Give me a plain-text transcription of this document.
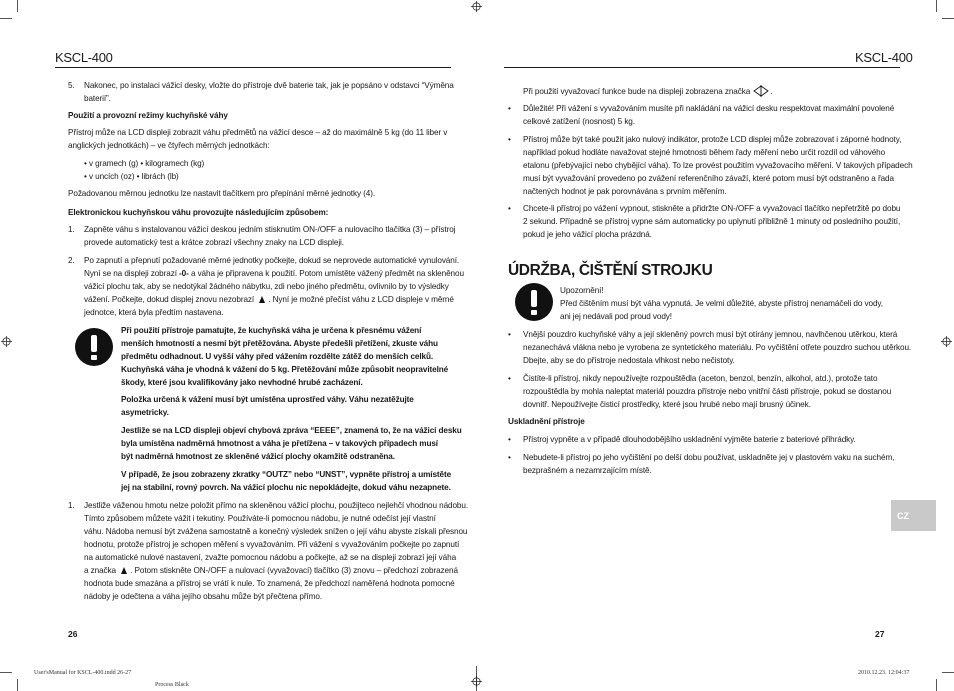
KSCL-400	KSCL-400
5. Nakonec, po instalaci vážicí desky, vložte do přístroje dvě baterie tak, jak je popsáno v odstavci “Výměna
baterií”.
Použití a provozní režimy kuchyňské váhy
Přístroj může na LCD displeji zobrazit váhu předmětů na vážicí desce – až do maximálně 5 kg (do 11 liber v
anglických jednotkách) – ve čtyřech měrných jednotkách:
• v gramech (g) • kilogramech (kg)
• v uncích (oz) • librách (lb)
Požadovanou měrnou jednotku lze nastavit tlačítkem pro přepínání měrné jednotky (4).
Elektronickou kuchyňskou váhu provozujte následujícím způsobem:
1. Zapněte váhu s instalovanou vážicí deskou jedním stisknutím ON-/OFF a nulovacího tlačítka (3) – přístroj
provede automatický test a krátce zobrazí všechny znaky na LCD displeji.
2. Po zapnutí a přepnutí požadované měrné jednotky počkejte, dokud se neprovede automatické vynulování.
Nyní se na displeji zobrazí -0- a váha je připravena k použití. Potom umístěte vážený předmět na skleněnou
vážicí plochu tak, aby se nedotýkal žádného nábytku, zdi nebo jiného předmětu, ovlivnilo by to výsledky
vážení. Počkejte, dokud displej znovu nezobrazí . Nyní je možné přečíst váhu z LCD displeje v měrné
jednotce, která byla předtím nastavena.
Při použití přístroje pamatujte, že kuchyňská váha je určena k přesnému vážení
menších hmotností a nesmí být přetěžována. Abyste předešli přetížení, zkuste váhu
předmětu odhadnout. U vyšší váhy před vážením rozdělte zátěž do menších celků.
Kuchyňská váha je vhodná k vážení do 5 kg. Přetěžování může způsobit neopravitelné
škody, které jsou kvalifikovány jako nevhodné hrubé zacházení.
Položka určená k vážení musí být umístěna uprostřed váhy. Váhu nezatěžujte
asymetricky.
Jestliže se na LCD displeji objeví chybová zpráva “EEEE”, znamená to, že na vážicí desku
byla umístěna nadměrná hmotnost a váha je přetížena – v takových případech musí
být nadměrná hmotnost ze skleněné vážicí plochy okamžitě odstraněna.
V případě, že jsou zobrazeny zkratky “OUTZ” nebo “UNST”, vypněte přístroj a umístěte
jej na stabilní, rovný povrch. Na vážicí plochu nic nepokládejte, dokud váhu nezapnete.
1. Jestliže váženou hmotu nelze položit přímo na skleněnou vážicí plochu, použijteco nejlehčí vhodnou nádobu.
Tímto způsobem můžete vážit i tekutiny. Používáte-li pomocnou nádobu, je nutné odečíst její vlastní
váhu. Nádoba nemusí být zvážena samostatně a konečný výsledek snížen o její váhu abyste získali přesnou
hodnotu, protože přístroj je schopen měření s vyvažováním. Při vážení s vyvažováním počkejte po zapnutí
na automatické nulové nastavení, zvažte pomocnou nádobu a počkejte, až se na displeji zobrazí její váha
a značka . Potom stiskněte ON-/OFF a nulovací (vyvažovací) tlačítko (3) znovu – předchozí zobrazená
hodnota bude smazána a přístroj se vrátí k nule. To znamená, že předchozí naměřená hodnota pomocné
nádoby je odečtena a váha jejího obsahu může být přečtena přímo.
26
Při použití vyvažovací funkce bude na displeji zobrazena značka .
• Důležité! Při vážení s vyvažováním musíte při nakládání na vážicí desku respektovat maximální povolené
celkové zatížení (nosnost) 5 kg.
• Přístroj může být také použit jako nulový indikátor, protože LCD displej může zobrazovat i záporné hodnoty,
například pokud hodláte navažovat stejné hmotnosti během řady měření nebo určit rozdíl od váhového
etalonu (přebývající nebo chybějící váha). To lze provést použitím vyvažovacího měření. V takových případech
musí být vyvažování provedeno po zvážení referenčního závaží, které potom musí být odstraněno a řada
načtených hodnot je pak porovnávána s prvním měřením.
• Chcete-li přístroj po vážení vypnout, stiskněte a přidržte ON-/OFF a vyvažovací tlačítko nepřetržitě po dobu
2 sekund. Případně se přístroj vypne sám automaticky po uplynutí přibližně 1 minuty od posledního použití,
pokud je jeho vážicí plocha prázdná.
ÚDRŽBA, ČIŠTĚNÍ STROJKU
Upozornění!
Před čištěním musí být váha vypnutá. Je velmi důležité, abyste přístroj nenamáčeli do vody,
ani jej nedávali pod proud vody!
• Vnější pouzdro kuchyňské váhy a její skleněný povrch musí být otírány jemnou, navlhčenou utěrkou, která
nezanechává vlákna nebo je vyrobena ze syntetického materiálu. Po vyčištění otřete pouzdro suchou utěrkou.
Dbejte, aby se do přístroje nedostala vlhkost nebo nečistoty.
• Čistíte-li přístroj, nikdy nepoužívejte rozpouštědla (aceton, benzol, benzín, alkohol, atd.), protože tato
rozpouštědla by mohla naleptat materiál pouzdra přístroje nebo vnitřní části přístroje, pokud se dostanou
dovnitř. Nepoužívejte čisticí prostředky, které jsou hrubé nebo mají brusný účinek.
Uskladnění přístroje
• Přístroj vypněte a v případě dlouhodobějšího uskladnění vyjměte baterie z bateriové přihrádky.
• Nebudete-li přístroj po jeho vyčištění po delší dobu používat, uskladněte jej v plastovém vaku na suchém,
bezprašném a nezamrzajícím místě.
CZ
27
User'sManual for KSCL-400.indd 26-27	2010.12.23. 12:04:37
Process Black
